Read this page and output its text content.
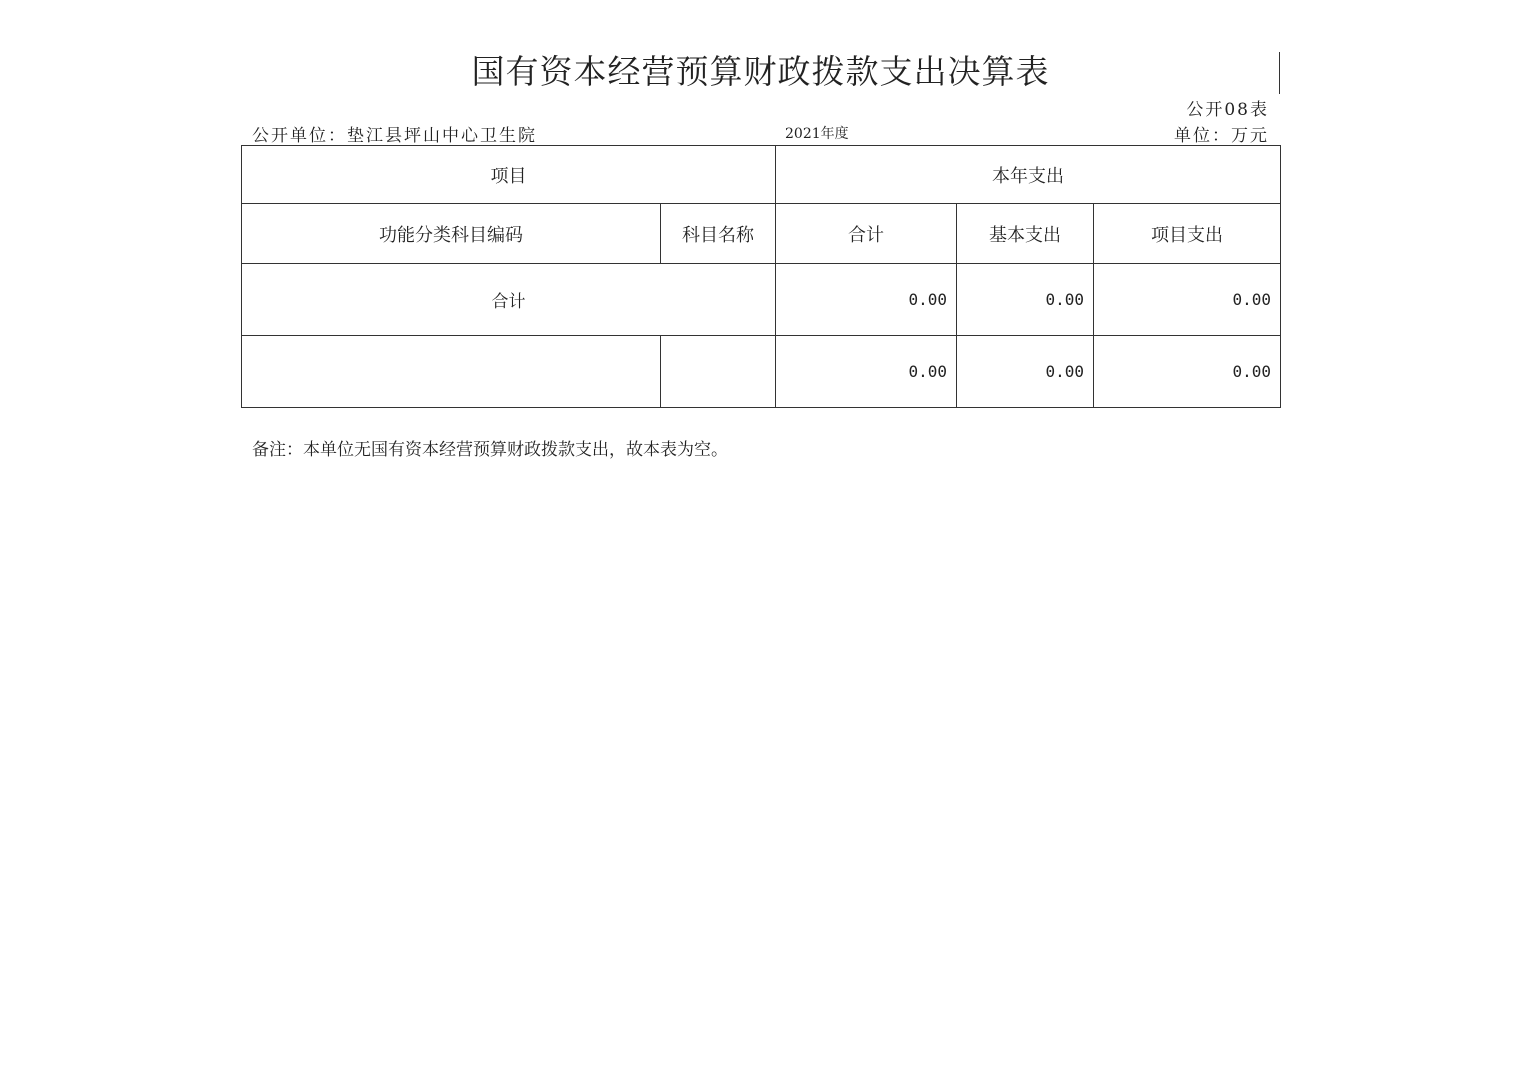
国有资本经营预算财政拨款支出决算表
公开08表
公开单位：垫江县坪山中心卫生院	2021年度	单位：万元
项目		本年支出		
功能分类科目编码	科目名称	合计	基本支出	项目支出
合计		0.00	0.00	0.00
		0.00	0.00	0.00
备注：本单位无国有资本经营预算财政拨款支出，故本表为空。
